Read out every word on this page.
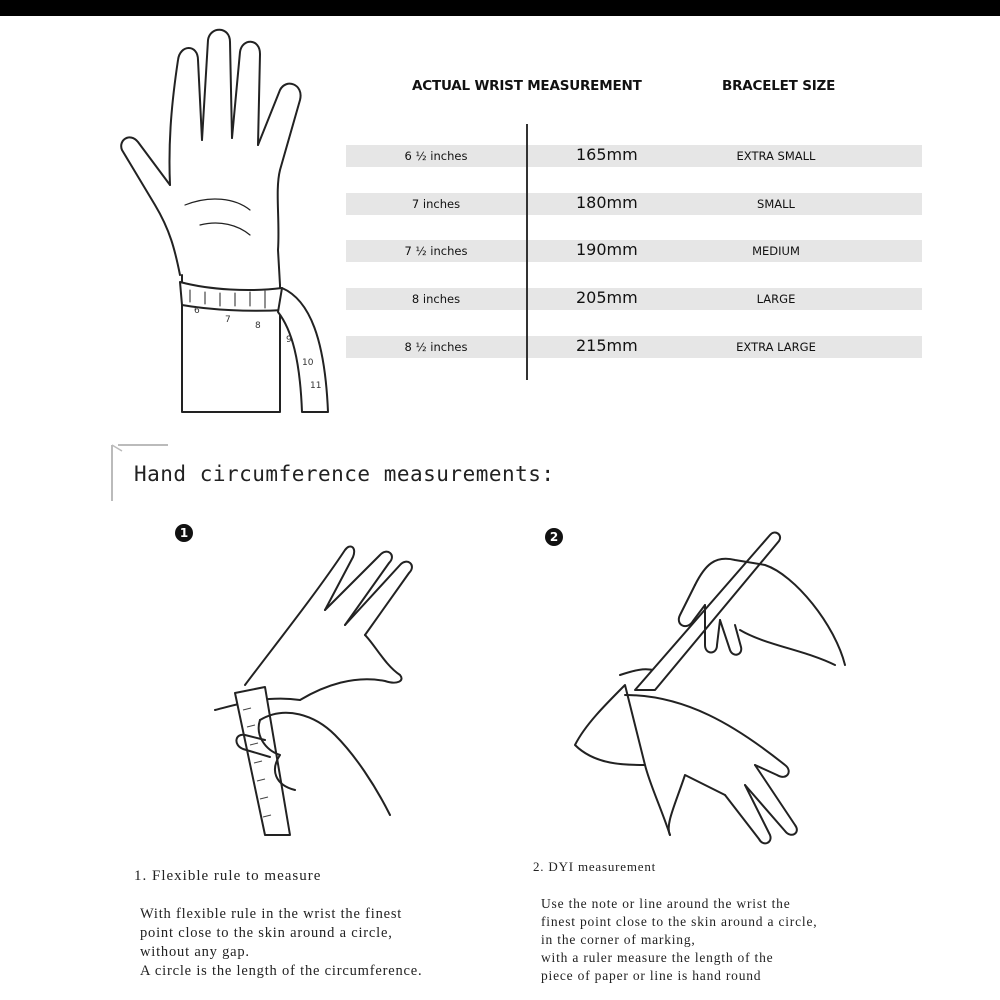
6
7
8
9
10
11
ACTUAL WRIST MEASUREMENT	BRACELET SIZE
6 ½ inches	165mm	EXTRA SMALL
7 inches	180mm	SMALL
7 ½ inches	190mm	MEDIUM
8 inches	205mm	LARGE
8 ½ inches	215mm	EXTRA LARGE
Hand circumference measurements:
1
1. Flexible rule to measure
With flexible rule in the wrist the finest
point close to the skin around a circle,
without any gap.
A circle is the length of the circumference.
2
2. DYI measurement
Use the note or line around the wrist the
finest point close to the skin around a circle,
in the corner of marking,
with a ruler measure the length of the
piece of paper or line is hand round
